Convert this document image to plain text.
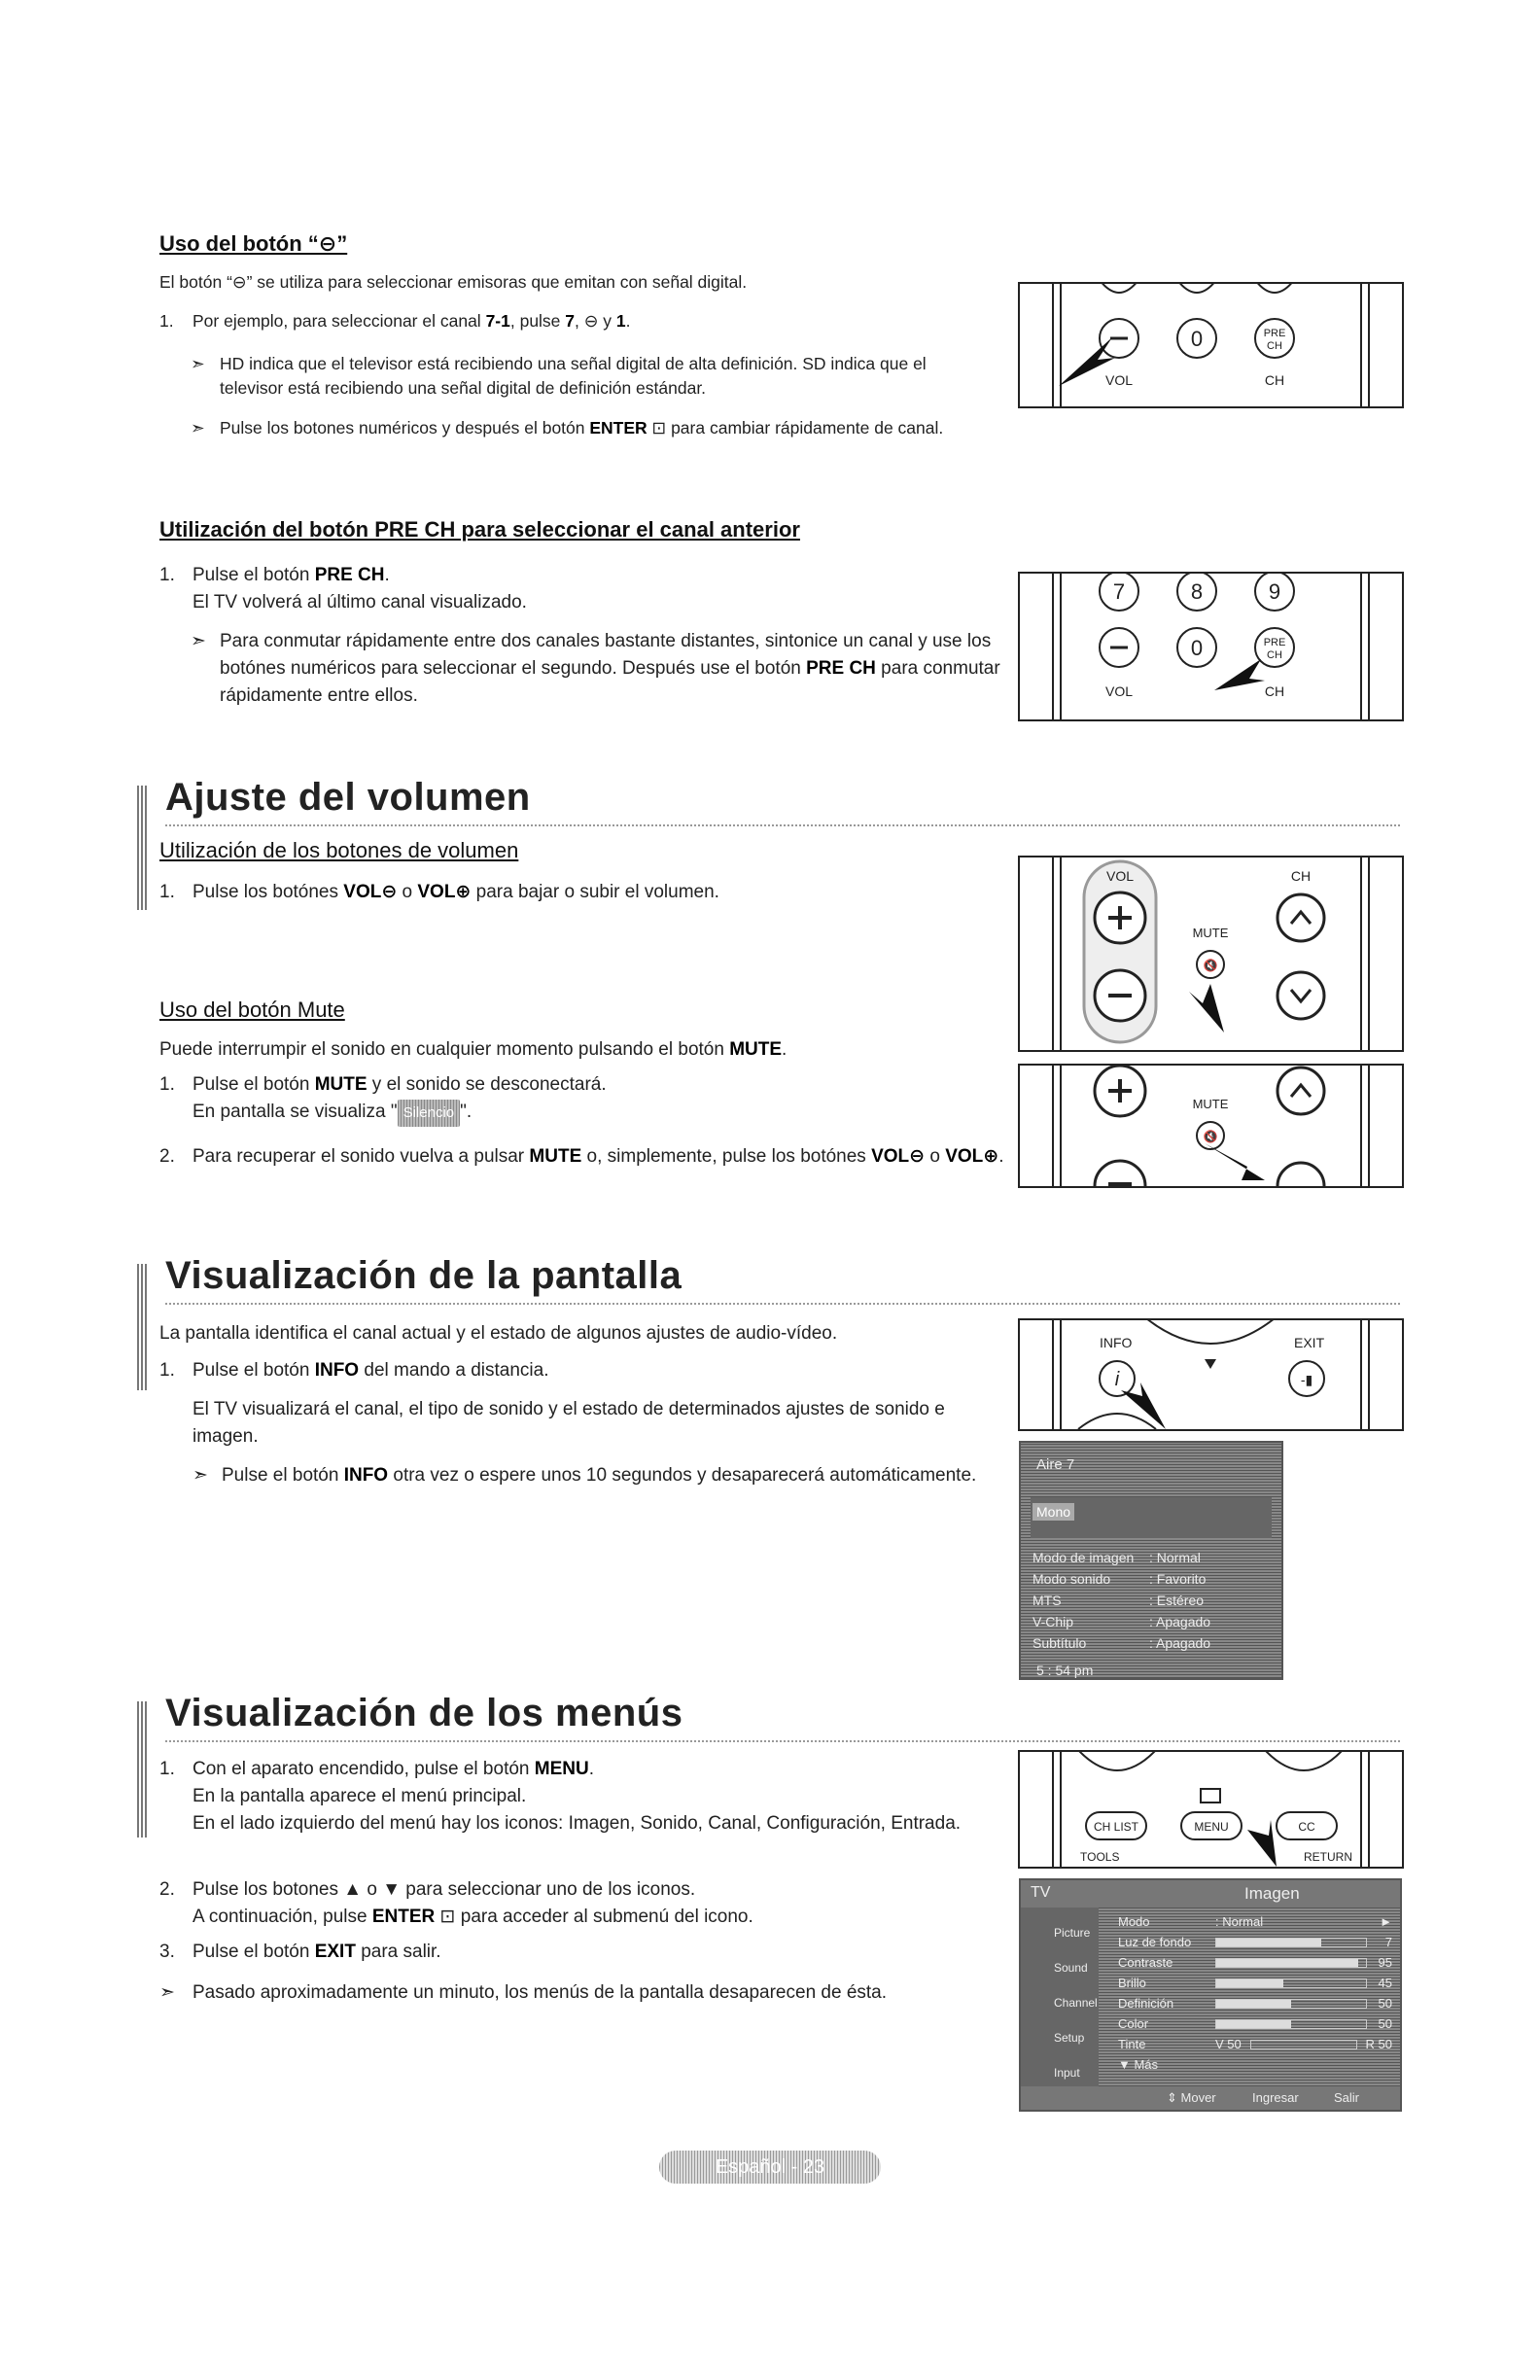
Uso del botón “⊖”
El botón “⊖” se utiliza para seleccionar emisoras que emitan con señal digital.
1. Por ejemplo, para seleccionar el canal 7-1, pulse 7, ⊖ y 1.
➣ HD indica que el televisor está recibiendo una señal digital de alta definición. SD indica que el televisor está recibiendo una señal digital de definición estándar.
➣ Pulse los botones numéricos y después el botón ENTER ⊡ para cambiar rápidamente de canal.
VOL	CH
0	PRE
CH
Utilización del botón PRE CH para seleccionar el canal anterior
1. Pulse el botón PRE CH.
El TV volverá al último canal visualizado.
➣ Para conmutar rápidamente entre dos canales bastante distantes, sintonice un canal y use los botónes numéricos para seleccionar el segundo. Después use el botón PRE CH para conmutar rápidamente entre ellos.
7	8	9
0	PRE
CH
VOL	CH
Ajuste del volumen
Utilización de los botones de volumen
1. Pulse los botónes VOL⊖ o VOL⊕ para bajar o subir el volumen.
Uso del botón Mute
Puede interrumpir el sonido en cualquier momento pulsando el botón MUTE.
1. Pulse el botón MUTE y el sonido se desconectará.
En pantalla se visualiza " Silencio ".
2. Para recuperar el sonido vuelva a pulsar MUTE o, simplemente, pulse los botónes VOL⊖ o VOL⊕.
VOL	CH
MUTE
🔇
MUTE
🔇
Visualización de la pantalla
La pantalla identifica el canal actual y el estado de algunos ajustes de audio-vídeo.
1. Pulse el botón INFO del mando a distancia.
El TV visualizará el canal, el tipo de sonido y el estado de determinados ajustes de sonido e imagen.
➣ Pulse el botón INFO otra vez o espere unos 10 segundos y desaparecerá automáticamente.
INFO	EXIT
i	-▮
Aire 7
Mono
Modo de imagen	: Normal
Modo sonido	: Favorito
MTS	: Estéreo
V-Chip	: Apagado
Subtítulo	: Apagado
5 : 54 pm
Visualización de los menús
1. Con el aparato encendido, pulse el botón MENU.
En la pantalla aparece el menú principal.
En el lado izquierdo del menú hay los iconos: Imagen, Sonido, Canal, Configuración, Entrada.
2. Pulse los botones ▲ o ▼ para seleccionar uno de los iconos.
A continuación, pulse ENTER ⊡ para acceder al submenú del icono.
3. Pulse el botón EXIT para salir.
➣ Pasado aproximadamente un minuto, los menús de la pantalla desaparecen de ésta.
CH LIST	MENU	CC
TOOLS	RETURN
TV	Imagen
Picture
Sound
Channel
Setup
Input
Modo	: Normal	►
Luz de fondo	7
Contraste	95
Brillo	45
Definición	50
Color	50
Tinte	V 50	R 50
▼ Más
⇕ Mover	Ingresar	Salir
Español - 23
